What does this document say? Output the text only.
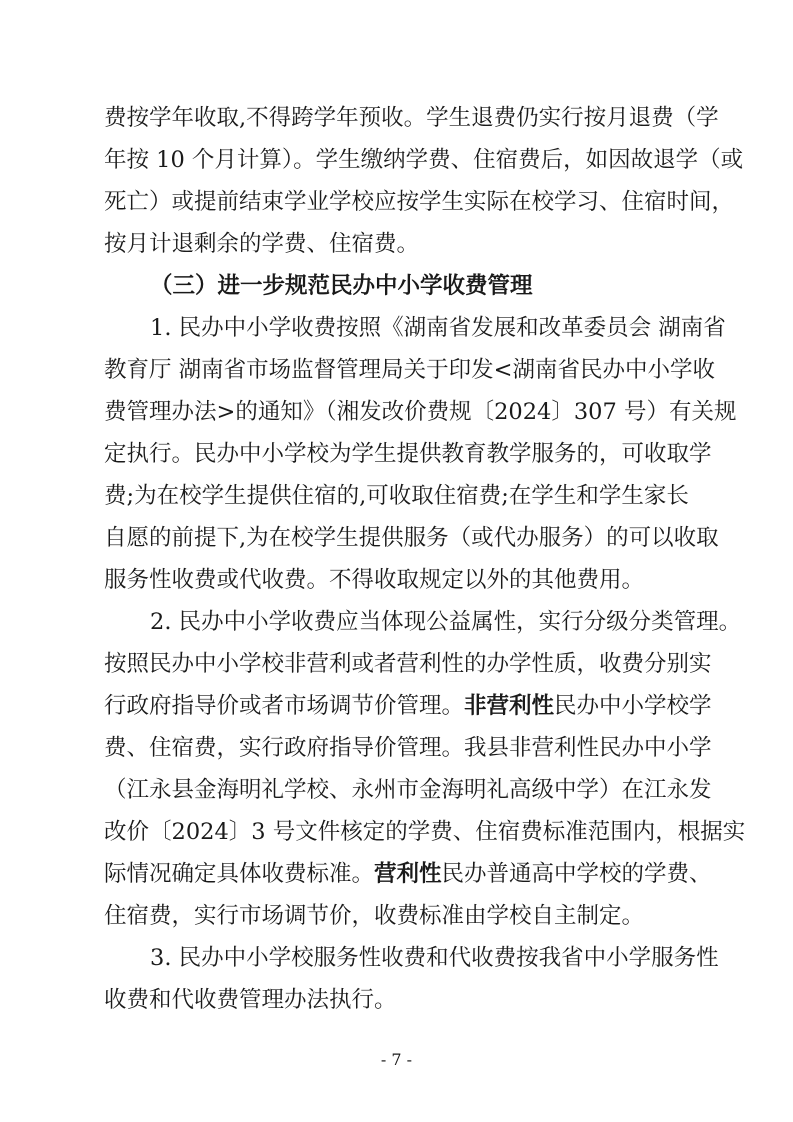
费按学年收取,不得跨学年预收。学生退费仍实行按月退费（学
年按 10 个月计算）。学生缴纳学费、住宿费后，如因故退学（或
死亡）或提前结束学业学校应按学生实际在校学习、住宿时间，
按月计退剩余的学费、住宿费。
（三）进一步规范民办中小学收费管理
1. 民办中小学收费按照《湖南省发展和改革委员会 湖南省
教育厅 湖南省市场监督管理局关于印发<湖南省民办中小学收
费管理办法>的通知》（湘发改价费规〔2024〕307 号）有关规
定执行。民办中小学校为学生提供教育教学服务的，可收取学
费;为在校学生提供住宿的,可收取住宿费;在学生和学生家长
自愿的前提下,为在校学生提供服务（或代办服务）的可以收取
服务性收费或代收费。不得收取规定以外的其他费用。
2. 民办中小学收费应当体现公益属性，实行分级分类管理。
按照民办中小学校非营利或者营利性的办学性质，收费分别实
行政府指导价或者市场调节价管理。非营利性民办中小学校学
费、住宿费，实行政府指导价管理。我县非营利性民办中小学
（江永县金海明礼学校、永州市金海明礼高级中学）在江永发
改价〔2024〕3 号文件核定的学费、住宿费标准范围内，根据实
际情况确定具体收费标准。营利性民办普通高中学校的学费、
住宿费，实行市场调节价，收费标准由学校自主制定。
3. 民办中小学校服务性收费和代收费按我省中小学服务性
收费和代收费管理办法执行。
- 7 -
